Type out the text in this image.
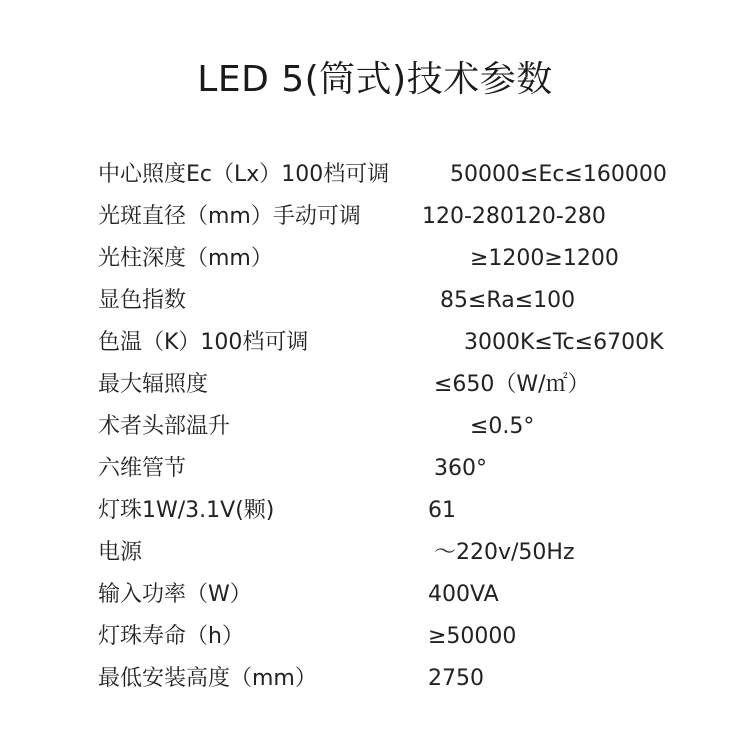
LED 5(筒式)技术参数
中心照度Ec（Lx）100档可调	50000≤Ec≤160000
光斑直径（mm）手动可调	120-280120-280
光柱深度（mm）	≥1200≥1200
显色指数	85≤Ra≤100
色温（K）100档可调	3000K≤Tc≤6700K
最大辐照度	≤650（W/㎡）
术者头部温升	≤0.5°
六维管节	360°
灯珠1W/3.1V(颗)	61
电源	～220v/50Hz
输入功率（W）	400VA
灯珠寿命（h）	≥50000
最低安装高度（mm）	2750
